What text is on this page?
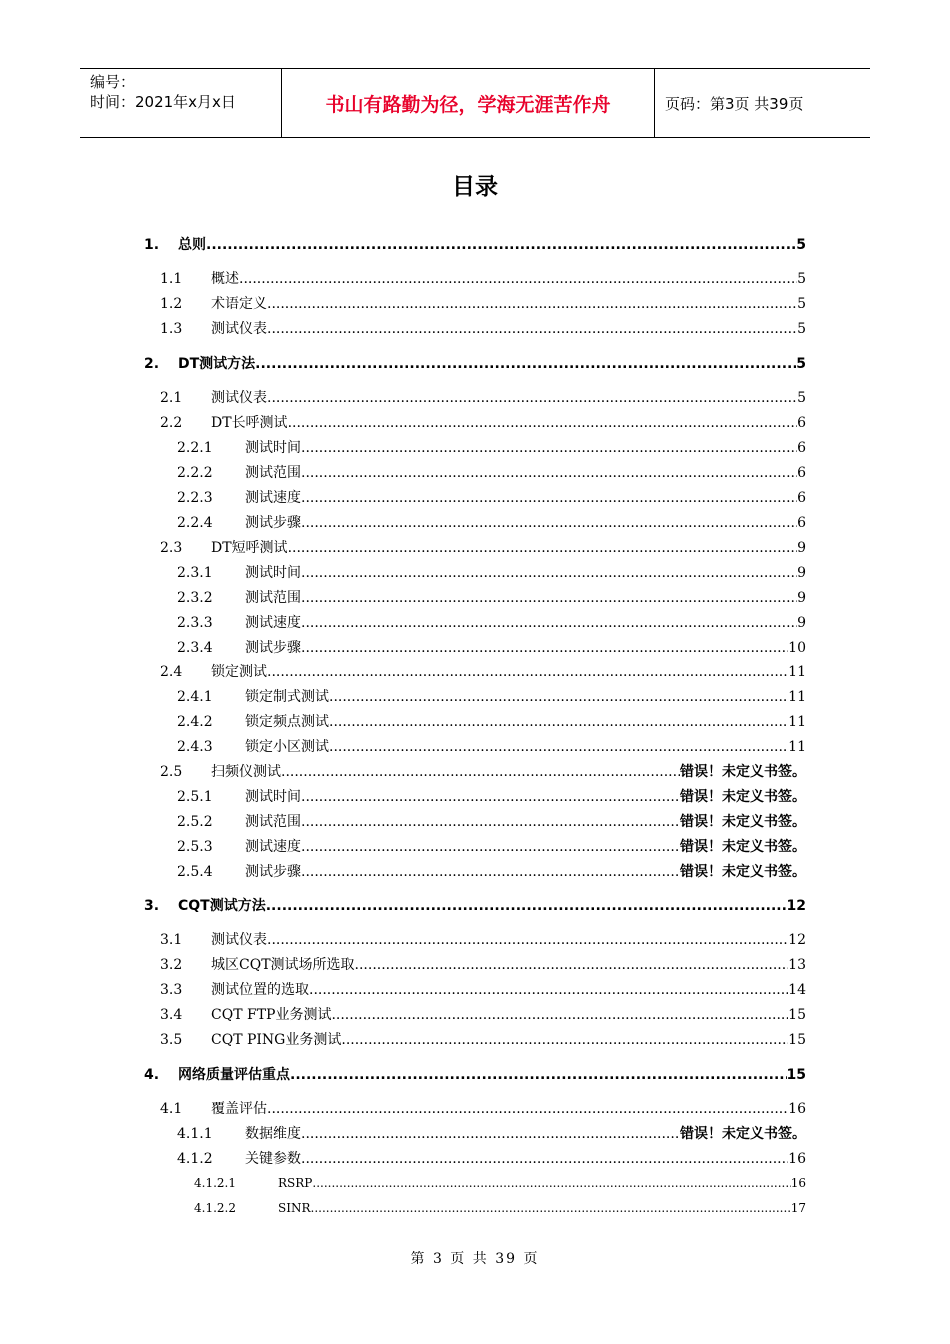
编号：
时间：2021年x月x日	书山有路勤为径，学海无涯苦作舟	页码：第3页 共39页
目录
1.	总则 .....	5
1.1	概述 .....	5
1.2	术语定义 .....	5
1.3	测试仪表 .....	5
2.	DT测试方法 .....	5
2.1	测试仪表 .....	5
2.2	DT长呼测试 .....	6
2.2.1	测试时间 .....	6
2.2.2	测试范围 .....	6
2.2.3	测试速度 .....	6
2.2.4	测试步骤 .....	6
2.3	DT短呼测试 .....	9
2.3.1	测试时间 .....	9
2.3.2	测试范围 .....	9
2.3.3	测试速度 .....	9
2.3.4	测试步骤 .....	10
2.4	锁定测试 .....	11
2.4.1	锁定制式测试 .....	11
2.4.2	锁定频点测试 .....	11
2.4.3	锁定小区测试 .....	11
2.5	扫频仪测试 .....	错误！未定义书签。
2.5.1	测试时间 .....	错误！未定义书签。
2.5.2	测试范围 .....	错误！未定义书签。
2.5.3	测试速度 .....	错误！未定义书签。
2.5.4	测试步骤 .....	错误！未定义书签。
3.	CQT测试方法 .....	12
3.1	测试仪表 .....	12
3.2	城区CQT测试场所选取 .....	13
3.3	测试位置的选取 .....	14
3.4	CQT FTP业务测试 .....	15
3.5	CQT PING业务测试 .....	15
4.	网络质量评估重点 .....	15
4.1	覆盖评估 .....	16
4.1.1	数据维度 .....	错误！未定义书签。
4.1.2	关键参数 .....	16
4.1.2.1	RSRP .....	16
4.1.2.2	SINR .....	17
第 3 页 共 39 页
